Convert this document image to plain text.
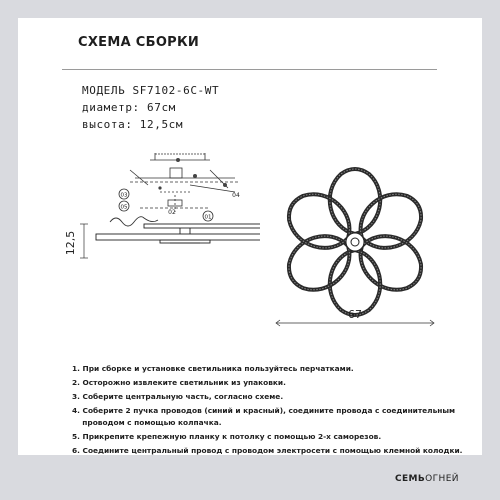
СХЕМА СБОРКИ
МОДЕЛЬ SF7102-6C-WT
диаметр: 67см
высота: 12,5см
03
05
02
01
04
12,5
67
1. При сборке и установке светильника пользуйтесь перчатками.
2. Осторожно извлеките светильник из упаковки.
3. Соберите центральную часть, согласно схеме.
4. Соберите 2 пучка проводов (синий и красный), соедините провода с соединительным
проводом с помощью колпачка.
5. Прикрепите крепежную планку к потолку с помощью 2-х саморезов.
6. Соедините центральный провод с проводом электросети с помощью клемной колодки.
СЕМЬОГНЕЙ
